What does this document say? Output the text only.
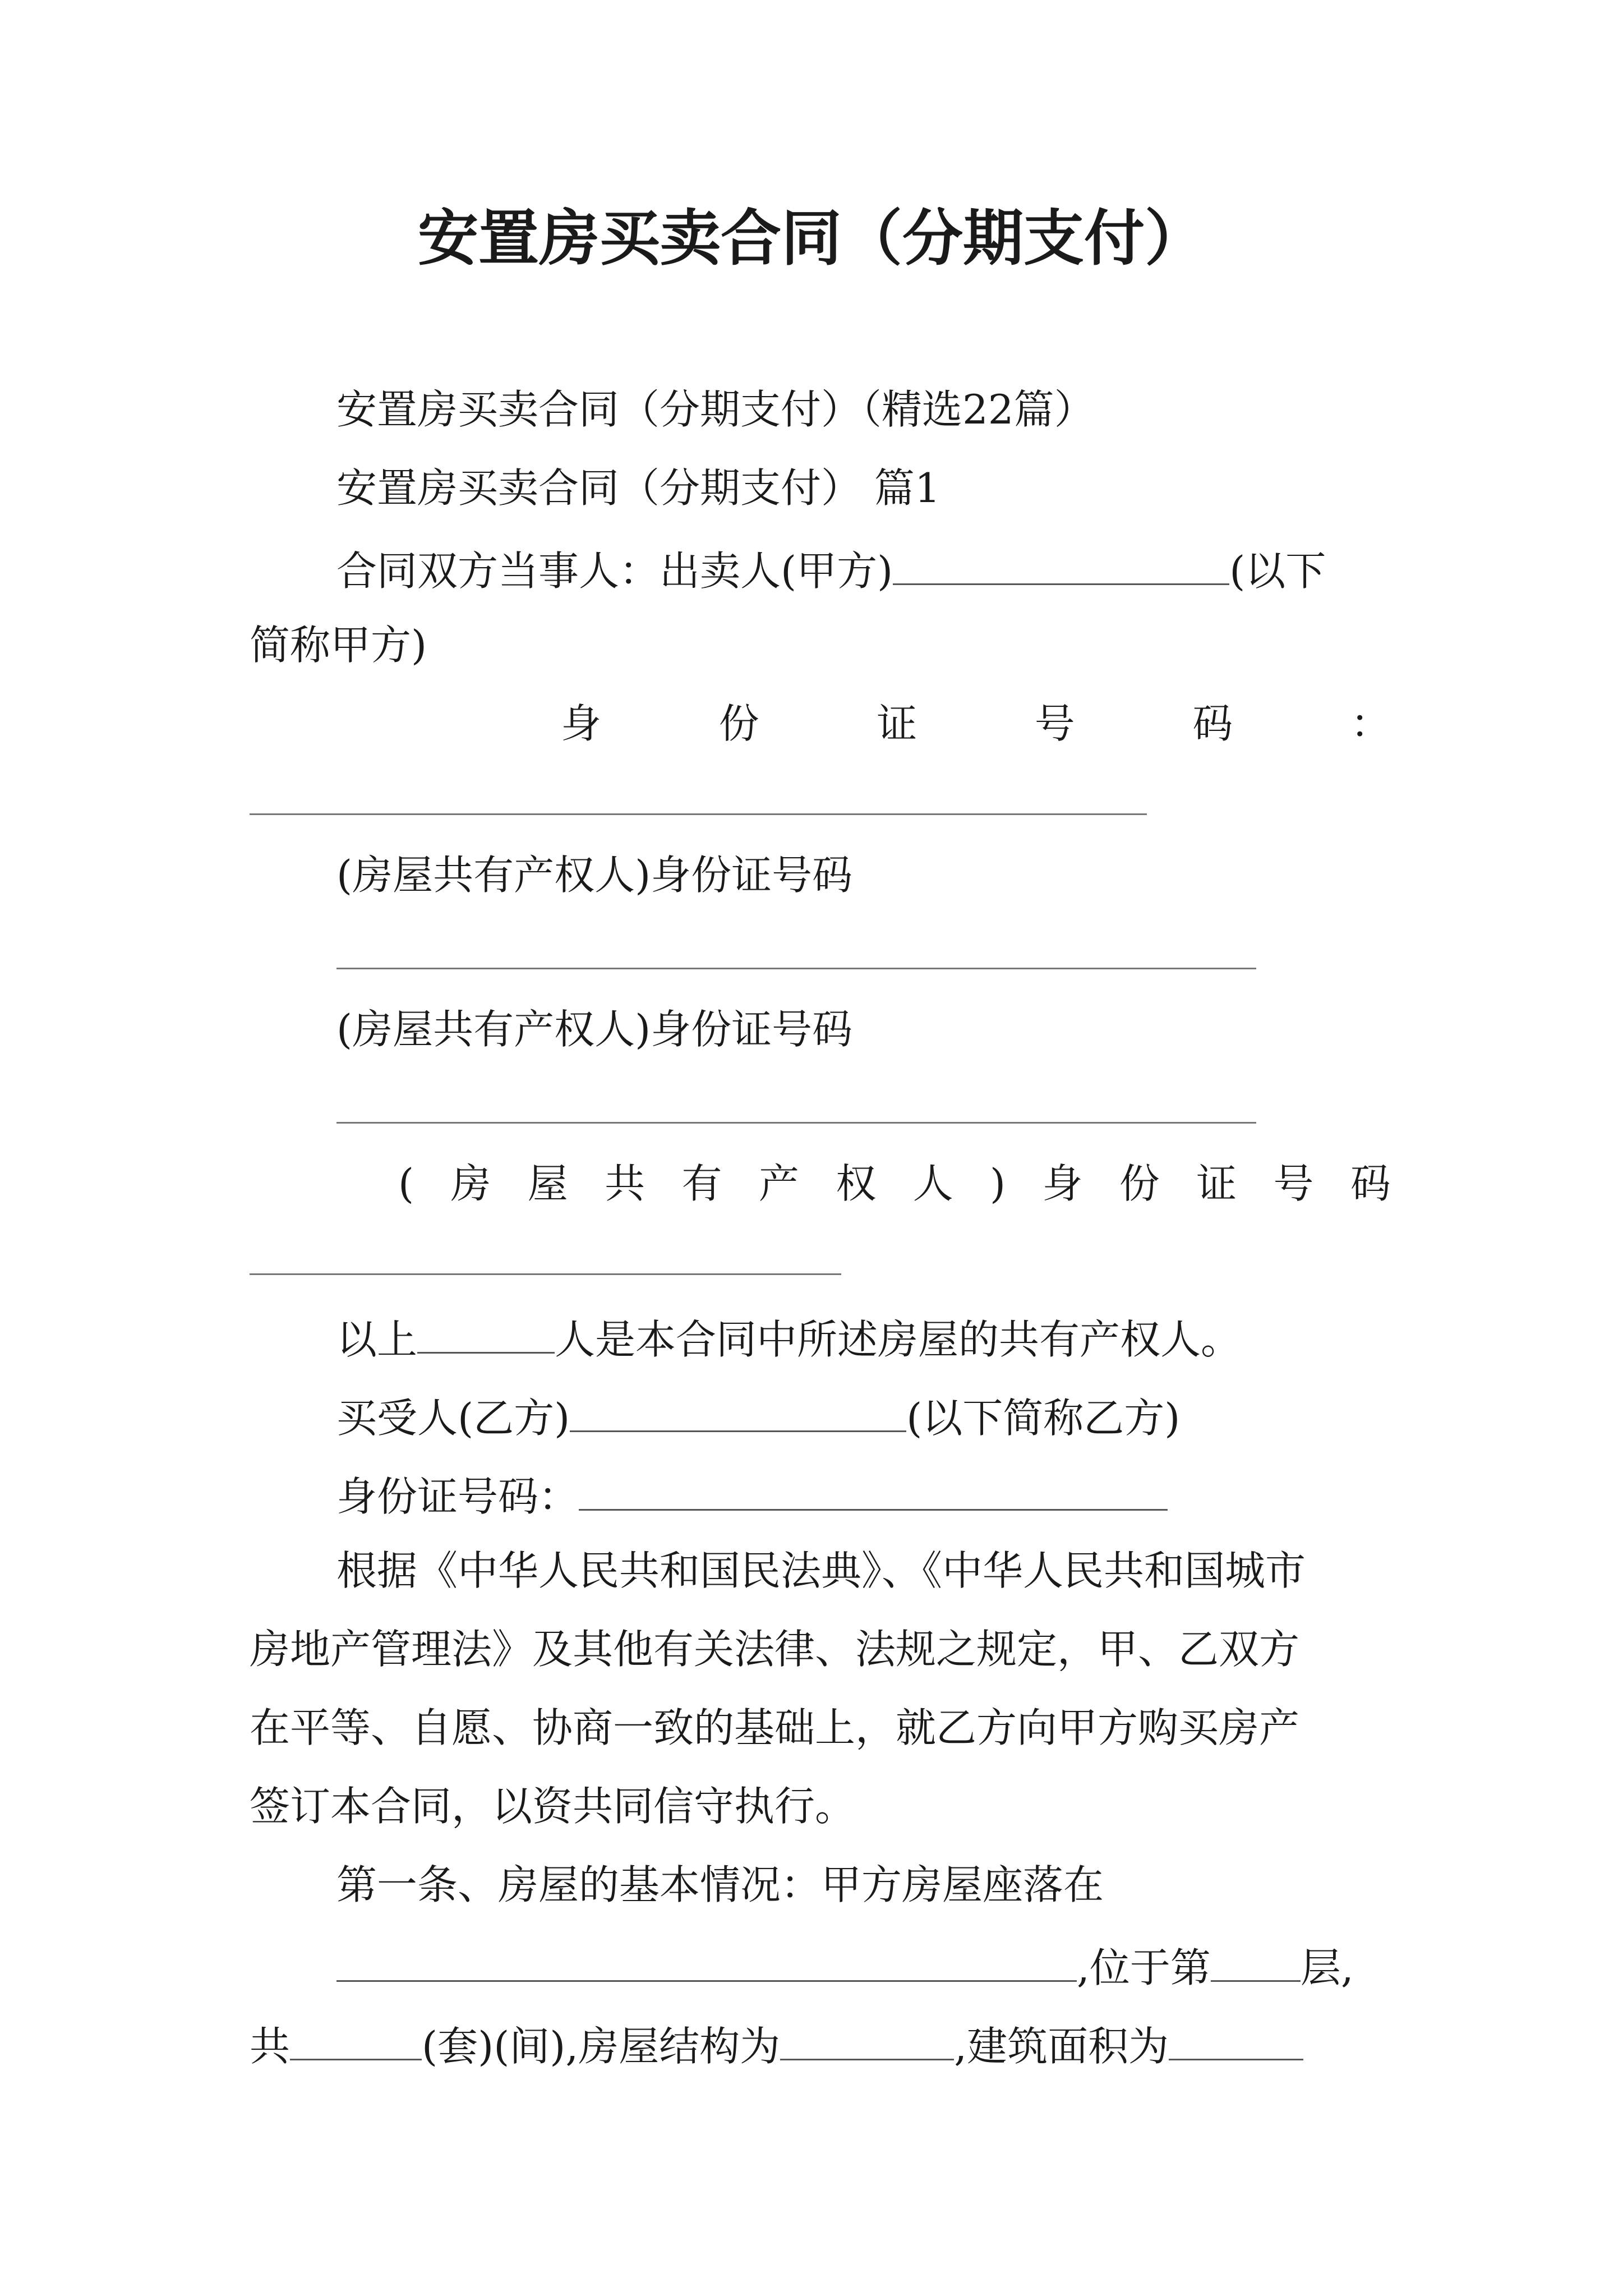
安置房买卖合同（分期支付）
安置房买卖合同（分期支付）（精选22篇）
安置房买卖合同（分期支付） 篇1
合同双方当事人：出卖人(甲方)	(以下
简称甲方)
身	份	证	号	码	：
(房屋共有产权人)身份证号码
(房屋共有产权人)身份证号码
( 房 屋 共 有 产 权 人 ) 身 份 证 号 码
以上	人是本合同中所述房屋的共有产权人。
买受人(乙方)	(以下简称乙方)
身份证号码：
根据《中华人民共和国民法典》、《中华人民共和国城市
房地产管理法》及其他有关法律、法规之规定，甲、乙双方
在平等、自愿、协商一致的基础上，就乙方向甲方购买房产
签订本合同，以资共同信守执行。
第一条、房屋的基本情况：甲方房屋座落在
,位于第 层,
共	(套)(间),房屋结构为	,建筑面积为
